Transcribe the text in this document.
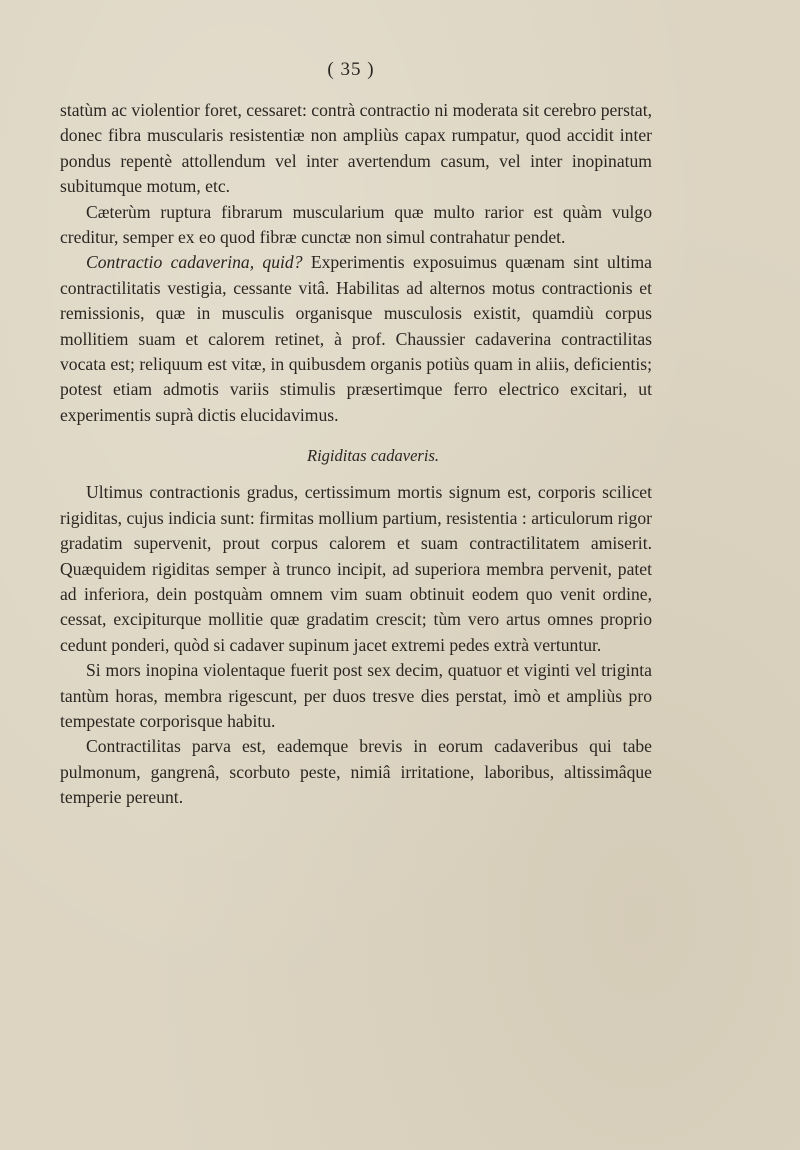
( 35 )

statùm ac violentior foret, cessaret: contrà contractio ni moderata sit cerebro perstat, donec fibra muscularis resistentiæ non ampliùs capax rumpatur, quod accidit inter pondus repentè attollendum vel inter avertendum casum, vel inter inopinatum subitumque motum, etc.

Cæterùm ruptura fibrarum muscularium quæ multo rarior est quàm vulgo creditur, semper ex eo quod fibræ cunctæ non simul contrahatur pendet.

Contractio cadaverina, quid? Experimentis exposuimus quænam sint ultima contractilitatis vestigia, cessante vitâ. Habilitas ad alternos motus contractionis et remissionis, quæ in musculis organisque musculosis existit, quamdiù corpus mollitiem suam et calorem retinet, à prof. Chaussier cadaverina contractilitas vocata est; reliquum est vitæ, in quibusdem organis potiùs quam in aliis, deficientis; potest etiam admotis variis stimulis præsertimque ferro electrico excitari, ut experimentis suprà dictis elucidavimus.

Rigiditas cadaveris.

Ultimus contractionis gradus, certissimum mortis signum est, corporis scilicet rigiditas, cujus indicia sunt: firmitas mollium partium, resistentia : articulorum rigor gradatim supervenit, prout corpus calorem et suam contractilitatem amiserit. Quæquidem rigiditas semper à trunco incipit, ad superiora membra pervenit, patet ad inferiora, dein postquàm omnem vim suam obtinuit eodem quo venit ordine, cessat, excipiturque mollitie quæ gradatim crescit; tùm vero artus omnes proprio cedunt ponderi, quòd si cadaver supinum jacet extremi pedes extrà vertuntur.

Si mors inopina violentaque fuerit post sex decim, quatuor et viginti vel triginta tantùm horas, membra rigescunt, per duos tresve dies perstat, imò et ampliùs pro tempestate corporisque habitu.

Contractilitas parva est, eademque brevis in eorum cadaveribus qui tabe pulmonum, gangrenâ, scorbuto peste, nimiâ irritatione, laboribus, altissimâque temperie pereunt.
